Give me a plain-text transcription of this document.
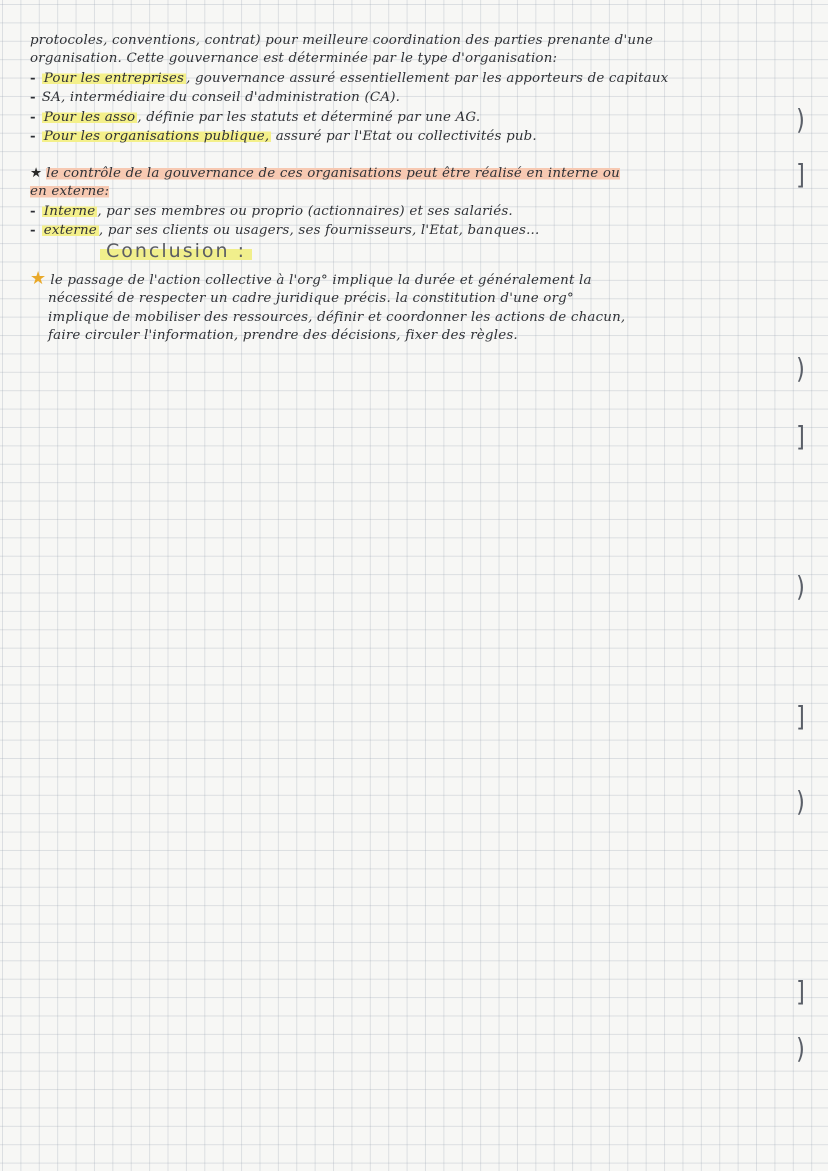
protocoles, conventions, contrat) pour meilleure coordination des parties prenante d'une
organisation. Cette gouvernance est déterminée par le type d'organisation:
- Pour les entreprises , gouvernance assuré essentiellement par les apporteurs de capitaux
- SA, intermédiaire du conseil d'administration (CA).
- Pour les asso , définie par les statuts et déterminé par une AG.
- Pour les organisations publique, assuré par l'Etat ou collectivités pub.
★ le contrôle de la gouvernance de ces organisations peut être réalisé en interne ou
en externe:
- Interne , par ses membres ou proprio (actionnaires) et ses salariés.
- externe , par ses clients ou usagers, ses fournisseurs, l'Etat, banques...
Conclusion :
★ le passage de l'action collective à l'org° implique la durée et généralement la
nécessité de respecter un cadre juridique précis. la constitution d'une org°
implique de mobiliser des ressources, définir et coordonner les actions de chacun,
faire circuler l'information, prendre des décisions, fixer des règles.
)
]
)
]
)
]
)
]
)
